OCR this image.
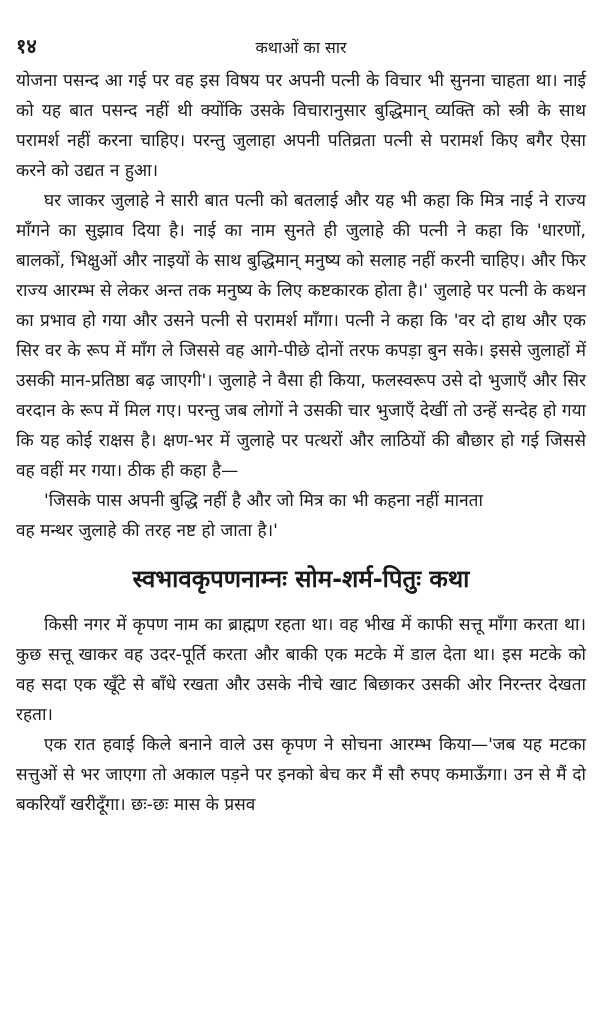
१४	कथाओं का सार

योजना पसन्द आ गई पर वह इस विषय पर अपनी पत्नी के विचार भी सुनना चाहता था। नाई को यह बात पसन्द नहीं थी क्योंकि उसके विचारानुसार बुद्धिमान् व्यक्ति को स्त्री के साथ परामर्श नहीं करना चाहिए। परन्तु जुलाहा अपनी पतिव्रता पत्नी से परामर्श किए बगैर ऐसा करने को उद्यत न हुआ।

घर जाकर जुलाहे ने सारी बात पत्नी को बतलाई और यह भी कहा कि मित्र नाई ने राज्य माँगने का सुझाव दिया है। नाई का नाम सुनते ही जुलाहे की पत्नी ने कहा कि 'धारणों, बालकों, भिक्षुओं और नाइयों के साथ बुद्धिमान् मनुष्य को सलाह नहीं करनी चाहिए। और फिर राज्य आरम्भ से लेकर अन्त तक मनुष्य के लिए कष्टकारक होता है।' जुलाहे पर पत्नी के कथन का प्रभाव हो गया और उसने पत्नी से परामर्श माँगा। पत्नी ने कहा कि 'वर दो हाथ और एक सिर वर के रूप में माँग ले जिससे वह आगे-पीछे दोनों तरफ कपड़ा बुन सके। इससे जुलाहों में उसकी मान-प्रतिष्ठा बढ़ जाएगी'। जुलाहे ने वैसा ही किया, फलस्वरूप उसे दो भुजाएँ और सिर वरदान के रूप में मिल गए। परन्तु जब लोगों ने उसकी चार भुजाएँ देखीं तो उन्हें सन्देह हो गया कि यह कोई राक्षस है। क्षण-भर में जुलाहे पर पत्थरों और लाठियों की बौछार हो गई जिससे वह वहीं मर गया। ठीक ही कहा है—

'जिसके पास अपनी बुद्धि नहीं है और जो मित्र का भी कहना नहीं मानता

वह मन्थर जुलाहे की तरह नष्ट हो जाता है।'

स्वभावकृपणनाम्नः सोम-शर्म-पितुः कथा

किसी नगर में कृपण नाम का ब्राह्मण रहता था। वह भीख में काफी सत्तू माँगा करता था। कुछ सत्तू खाकर वह उदर-पूर्ति करता और बाकी एक मटके में डाल देता था। इस मटके को वह सदा एक खूँटे से बाँधे रखता और उसके नीचे खाट बिछाकर उसकी ओर निरन्तर देखता रहता।

एक रात हवाई किले बनाने वाले उस कृपण ने सोचना आरम्भ किया—'जब यह मटका सत्तुओं से भर जाएगा तो अकाल पड़ने पर इनको बेच कर मैं सौ रुपए कमाऊँगा। उन से मैं दो बकरियाँ खरीदूँगा। छः-छः मास के प्रसव
